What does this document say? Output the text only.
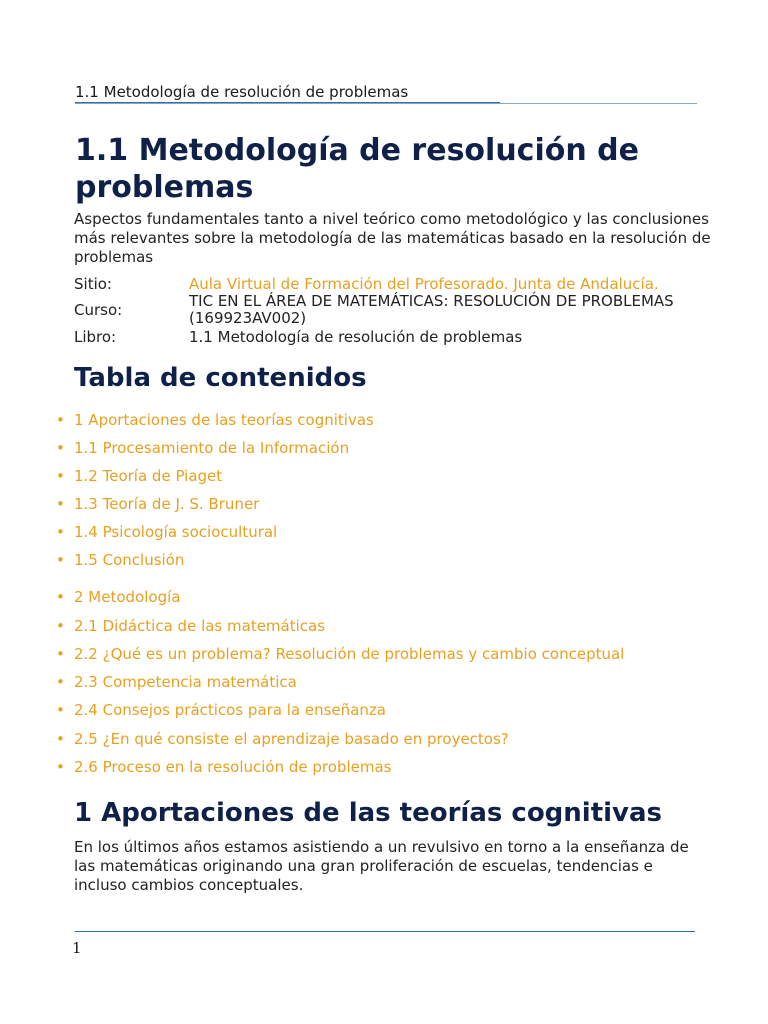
1.1 Metodología de resolución de problemas
1.1 Metodología de resolución de problemas

Aspectos fundamentales tanto a nivel teórico como metodológico y las conclusiones más relevantes sobre la metodología de las matemáticas basado en la resolución de problemas

Sitio:	Aula Virtual de Formación del Profesorado. Junta de Andalucía.
Curso:	TIC EN EL ÁREA DE MATEMÁTICAS: RESOLUCIÓN DE PROBLEMAS (169923AV002)
Libro:	1.1 Metodología de resolución de problemas
Tabla de contenidos
• 1 Aportaciones de las teorías cognitivas
• 1.1 Procesamiento de la Información
• 1.2 Teoría de Piaget
• 1.3 Teoría de J. S. Bruner
• 1.4 Psicología sociocultural
• 1.5 Conclusión
• 2 Metodología
• 2.1 Didáctica de las matemáticas
• 2.2 ¿Qué es un problema? Resolución de problemas y cambio conceptual
• 2.3 Competencia matemática
• 2.4 Consejos prácticos para la enseñanza
• 2.5 ¿En qué consiste el aprendizaje basado en proyectos?
• 2.6 Proceso en la resolución de problemas
1 Aportaciones de las teorías cognitivas

En los últimos años estamos asistiendo a un revulsivo en torno a la enseñanza de las matemáticas originando una gran proliferación de escuelas, tendencias e incluso cambios conceptuales.

1
